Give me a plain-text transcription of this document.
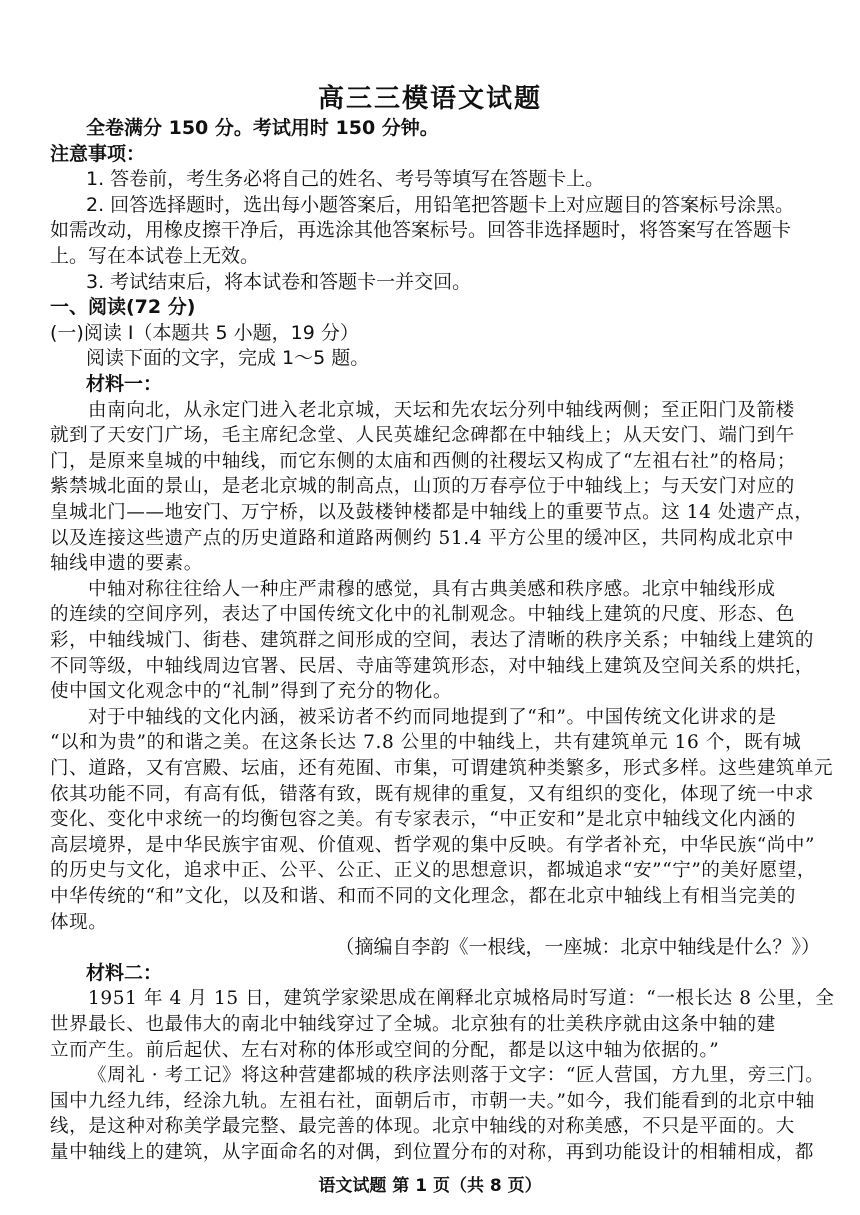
高三三模语文试题
全卷满分 150 分。考试用时 150 分钟。
注意事项：
1. 答卷前，考生务必将自己的姓名、考号等填写在答题卡上。
2. 回答选择题时，选出每小题答案后，用铅笔把答题卡上对应题目的答案标号涂黑。
如需改动，用橡皮擦干净后，再选涂其他答案标号。回答非选择题时，将答案写在答题卡
上。写在本试卷上无效。
3. 考试结束后，将本试卷和答题卡一并交回。
一、阅读(72 分)
(一)阅读 I（本题共 5 小题，19 分）
阅读下面的文字，完成 1～5 题。
材料一：
由南向北，从永定门进入老北京城，天坛和先农坛分列中轴线两侧；至正阳门及箭楼
就到了天安门广场，毛主席纪念堂、人民英雄纪念碑都在中轴线上；从天安门、端门到午
门，是原来皇城的中轴线，而它东侧的太庙和西侧的社稷坛又构成了“左祖右社”的格局；
紫禁城北面的景山，是老北京城的制高点，山顶的万春亭位于中轴线上；与天安门对应的
皇城北门——地安门、万宁桥，以及鼓楼钟楼都是中轴线上的重要节点。这 14 处遗产点，
以及连接这些遗产点的历史道路和道路两侧约 51.4 平方公里的缓冲区，共同构成北京中
轴线申遗的要素。
中轴对称往往给人一种庄严肃穆的感觉，具有古典美感和秩序感。北京中轴线形成
的连续的空间序列，表达了中国传统文化中的礼制观念。中轴线上建筑的尺度、形态、色
彩，中轴线城门、街巷、建筑群之间形成的空间，表达了清晰的秩序关系；中轴线上建筑的
不同等级，中轴线周边官署、民居、寺庙等建筑形态，对中轴线上建筑及空间关系的烘托，
使中国文化观念中的“礼制”得到了充分的物化。
对于中轴线的文化内涵，被采访者不约而同地提到了“和”。中国传统文化讲求的是
“以和为贵”的和谐之美。在这条长达 7.8 公里的中轴线上，共有建筑单元 16 个，既有城
门、道路，又有宫殿、坛庙，还有苑囿、市集，可谓建筑种类繁多，形式多样。这些建筑单元
依其功能不同，有高有低，错落有致，既有规律的重复，又有组织的变化，体现了统一中求
变化、变化中求统一的均衡包容之美。有专家表示，“中正安和”是北京中轴线文化内涵的
高层境界，是中华民族宇宙观、价值观、哲学观的集中反映。有学者补充，中华民族“尚中”
的历史与文化，追求中正、公平、公正、正义的思想意识，都城追求“安”“宁”的美好愿望，
中华传统的“和”文化，以及和谐、和而不同的文化理念，都在北京中轴线上有相当完美的
体现。
（摘编自李韵《一根线，一座城：北京中轴线是什么？》）
材料二：
1951 年 4 月 15 日，建筑学家梁思成在阐释北京城格局时写道：“一根长达 8 公里，全
世界最长、也最伟大的南北中轴线穿过了全城。北京独有的壮美秩序就由这条中轴的建
立而产生。前后起伏、左右对称的体形或空间的分配，都是以这中轴为依据的。”
《周礼 · 考工记》将这种营建都城的秩序法则落于文字：“匠人营国，方九里，旁三门。
国中九经九纬，经涂九轨。左祖右社，面朝后市，市朝一夫。”如今，我们能看到的北京中轴
线，是这种对称美学最完整、最完善的体现。北京中轴线的对称美感，不只是平面的。大
量中轴线上的建筑，从字面命名的对偶，到位置分布的对称，再到功能设计的相辅相成，都
语文试题 第 1 页（共 8 页）
